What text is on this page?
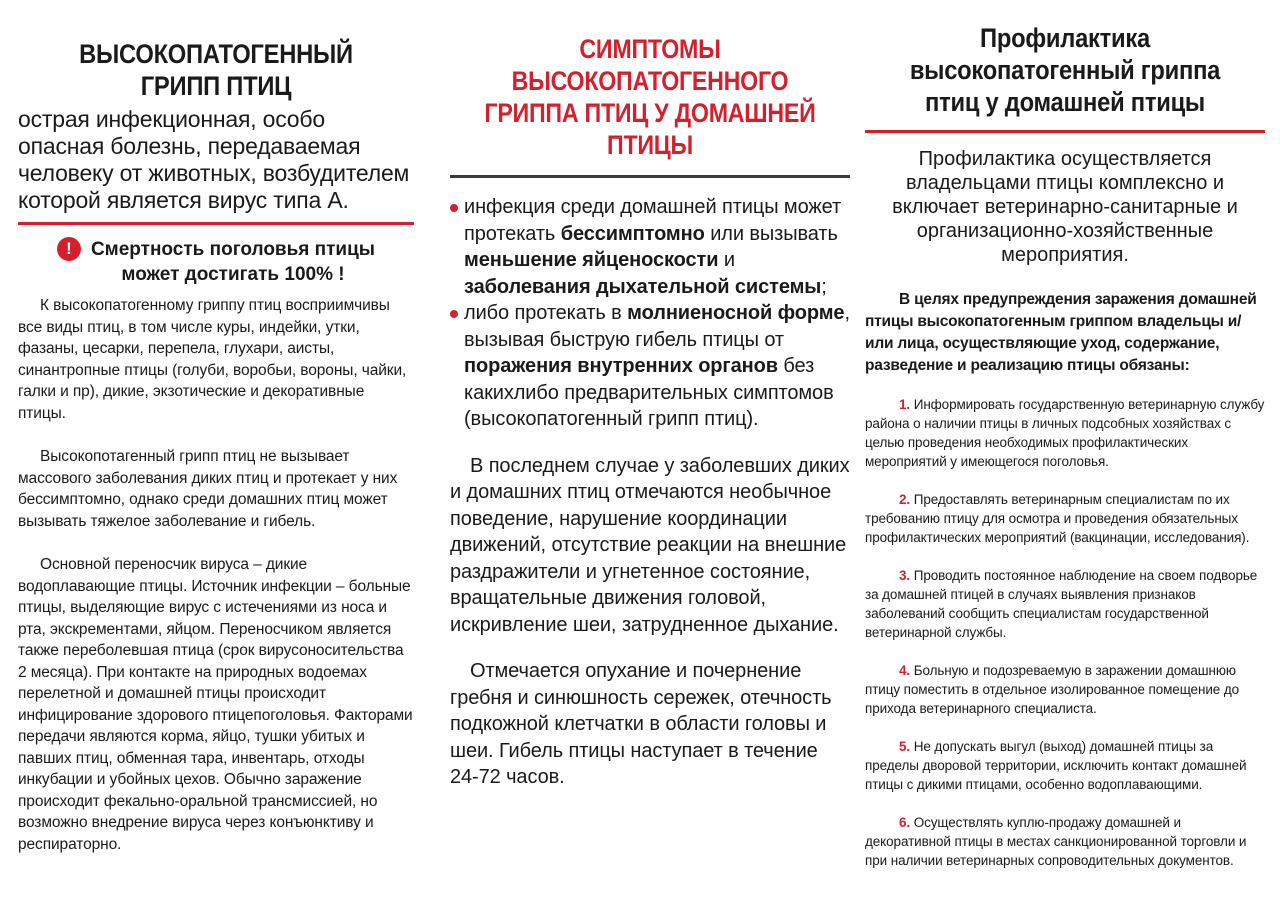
ВЫСОКОПАТОГЕННЫЙ
ГРИПП ПТИЦ

острая инфекционная, особо опасная болезнь, передаваемая человеку от животных, возбудителем которой является вирус типа А.

!	Смертность поголовья птицы
может достигать 100% !

К высокопатогенному гриппу птиц восприимчивы все виды птиц, в том числе куры, индейки, утки, фазаны, цесарки, перепела, глухари, аисты, синантропные птицы (голуби, воробьи, вороны, чайки, галки и пр), дикие, экзотические и декоративные птицы.

Высокопотагенный грипп птиц не вызывает массового заболевания диких птиц и протекает у них бессимптомно, однако среди домашних птиц может вызывать тяжелое заболевание и гибель.

Основной переносчик вируса – дикие водоплавающие птицы. Источник инфекции – больные птицы, выделяющие вирус с истечениями из носа и рта, экскрементами, яйцом. Переносчиком является также переболевшая птица (срок вирусоносительства 2 месяца). При контакте на природных водоемах перелетной и домашней птицы происходит инфицирование здорового птицепоголовья. Факторами передачи являются корма, яйцо, тушки убитых и павших птиц, обменная тара, инвентарь, отходы инкубации и убойных цехов. Обычно заражение происходит фекально-оральной трансмиссией, но возможно внедрение вируса через конъюнктиву и респираторно.

СИМПТОМЫ ВЫСОКОПАТОГЕННОГО
ГРИППА ПТИЦ У ДОМАШНЕЙ ПТИЦЫ
инфекция среди домашней птицы может протекать бессимптомно или вызывать меньшение яйценоскости и заболевания дыхательной системы;
либо протекать в молниеносной форме, вызывая быструю гибель птицы от поражения внутренних органов без какихлибо предварительных симптомов (высокопатогенный грипп птиц).

В последнем случае у заболевших диких и домашних птиц отмечаются необычное поведение, нарушение координации движений, отсутствие реакции на внешние раздражители и угнетенное состояние, вращательные движения головой, искривление шеи, затрудненное дыхание.

Отмечается опухание и почернение гребня и синюшность сережек, отечность подкожной клетчатки в области головы и шеи. Гибель птицы наступает в течение 24-72 часов.

Профилактика
высокопатогенный гриппа
птиц у домашней птицы

Профилактика осуществляется владельцами птицы комплексно и включает ветеринарно-санитарные и организационно-хозяйственные мероприятия.

В целях предупреждения заражения домашней птицы высокопатогенным гриппом владельцы и/или лица, осуществляющие уход, содержание, разведение и реализацию птицы обязаны:

1. Информировать государственную ветеринарную службу района о наличии птицы в личных подсобных хозяйствах с целью проведения необходимых профилактических мероприятий у имеющегося поголовья.

2. Предоставлять ветеринарным специалистам по их требованию птицу для осмотра и проведения обязательных профилактических мероприятий (вакцинации, исследования).

3. Проводить постоянное наблюдение на своем подворье за домашней птицей в случаях выявления признаков заболеваний сообщить специалистам государственной ветеринарной службы.

4. Больную и подозреваемую в заражении домашнюю птицу поместить в отдельное изолированное помещение до прихода ветеринарного специалиста.

5. Не допускать выгул (выход) домашней птицы за пределы дворовой территории, исключить контакт домашней птицы с дикими птицами, особенно водоплавающими.

6. Осуществлять куплю-продажу домашней и декоративной птицы в местах санкционированной торговли и при наличии ветеринарных сопроводительных документов.
